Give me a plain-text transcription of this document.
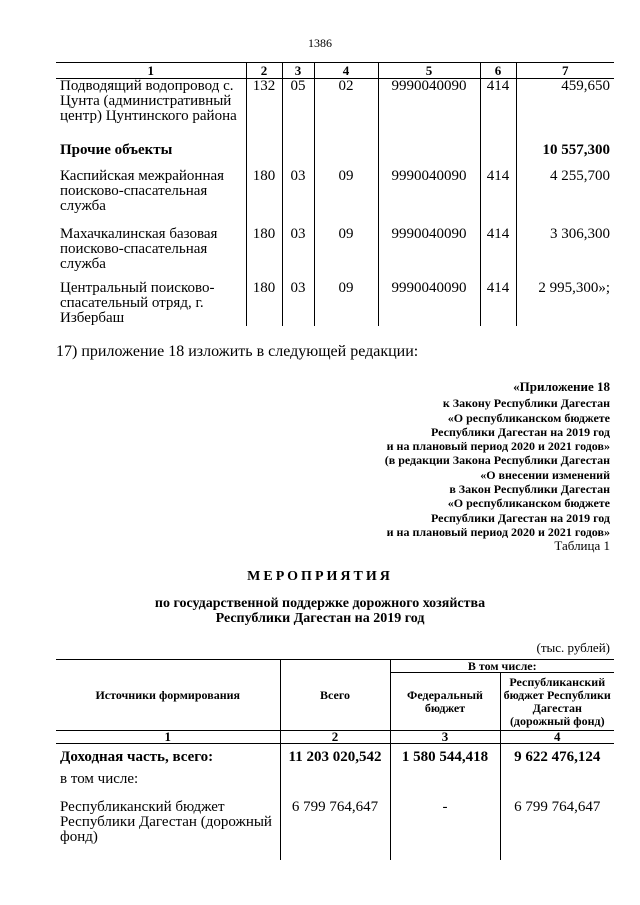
1386
1	2	3	4	5	6	7
Подводящий водопровод с. Цунта (административный центр) Цунтинского района	132	05	02	9990040090	414	459,650
Прочие объекты						10 557,300
Каспийская межрайонная поисково-спасательная служба	180	03	09	9990040090	414	4 255,700
Махачкалинская базовая поисково-спасательная служба	180	03	09	9990040090	414	3 306,300
Центральный поисково-спасательный отряд, г. Избербаш	180	03	09	9990040090	414	2 995,300»;
17) приложение 18 изложить в следующей редакции:
«Приложение 18
к Закону Республики Дагестан
«О республиканском бюджете
Республики Дагестан на 2019 год
и на плановый период 2020 и 2021 годов»
(в редакции Закона Республики Дагестан
«О внесении изменений
в Закон Республики Дагестан
«О республиканском бюджете
Республики Дагестан на 2019 год
и на плановый период 2020 и 2021 годов»
Таблица 1
МЕРОПРИЯТИЯ
по государственной поддержке дорожного хозяйства
Республики Дагестан на 2019 год
(тыс. рублей)
Источники формирования	Всего	В том числе:	
		Федеральный бюджет	Республиканский бюджет Республики Дагестан (дорожный фонд)
1	2	3	4
Доходная часть, всего:	11 203 020,542	1 580 544,418	9 622 476,124
в том числе:			
Республиканский бюджет Республики Дагестан (дорожный фонд)	6 799 764,647	-	6 799 764,647
